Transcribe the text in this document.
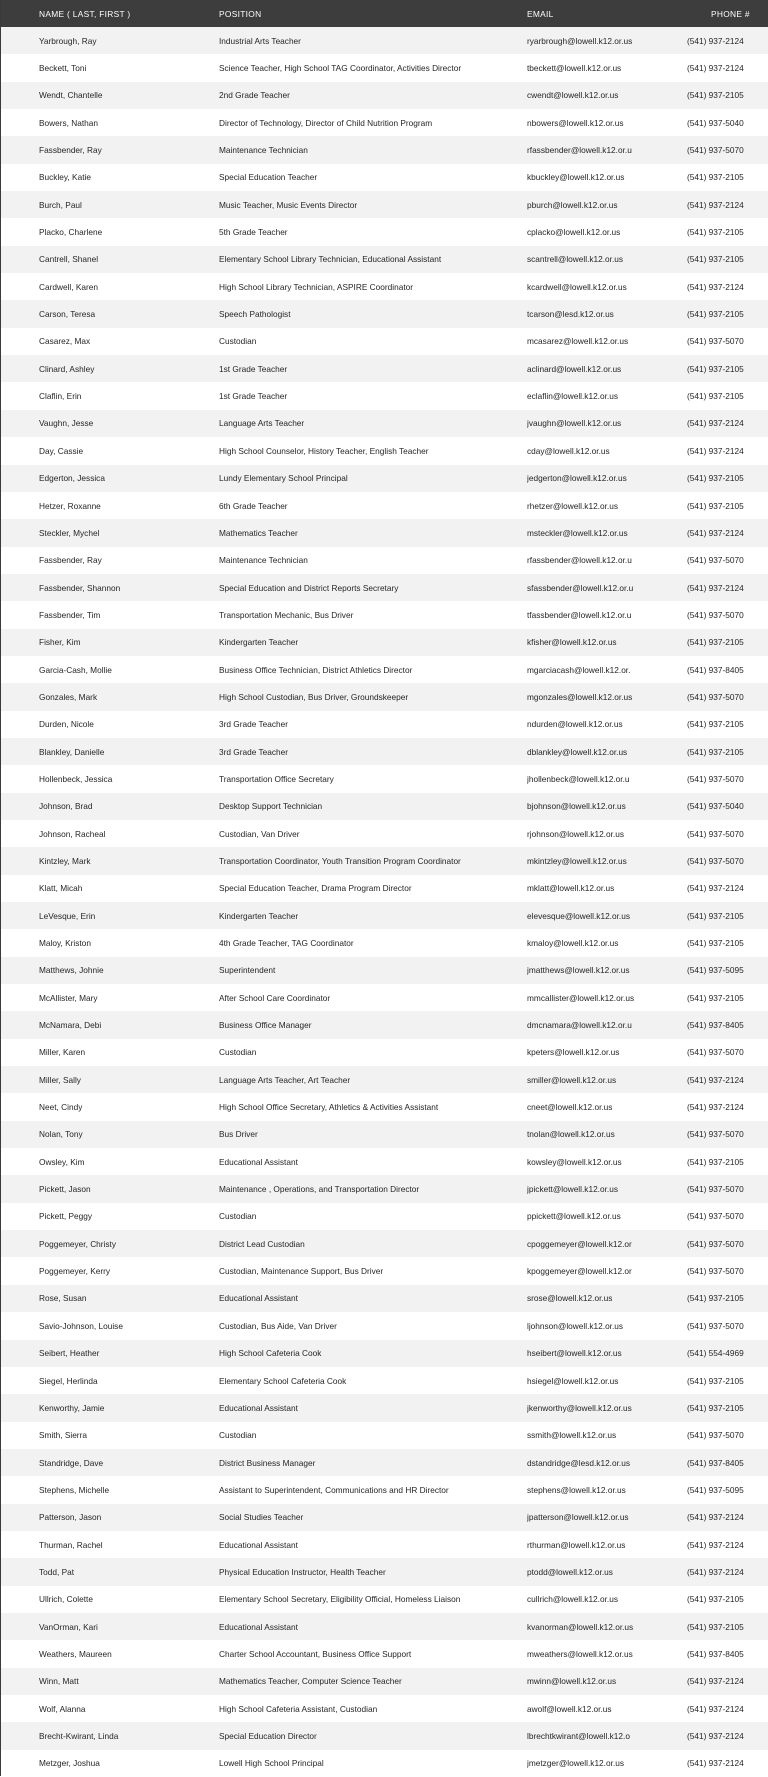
NAME ( LAST, FIRST )	POSITION	EMAIL	PHONE #
Yarbrough, Ray	Industrial Arts Teacher	ryarbrough@lowell.k12.or.us	(541) 937-2124
Beckett, Toni	Science Teacher, High School TAG Coordinator, Activities Director	tbeckett@lowell.k12.or.us	(541) 937-2124
Wendt, Chantelle	2nd Grade Teacher	cwendt@lowell.k12.or.us	(541) 937-2105
Bowers, Nathan	Director of Technology, Director of Child Nutrition Program	nbowers@lowell.k12.or.us	(541) 937-5040
Fassbender, Ray	Maintenance Technician	rfassbender@lowell.k12.or.u	(541) 937-5070
Buckley, Katie	Special Education Teacher	kbuckley@lowell.k12.or.us	(541) 937-2105
Burch, Paul	Music Teacher, Music Events Director	pburch@lowell.k12.or.us	(541) 937-2124
Placko, Charlene	5th Grade Teacher	cplacko@lowell.k12.or.us	(541) 937-2105
Cantrell, Shanel	Elementary School Library Technician, Educational Assistant	scantrell@lowell.k12.or.us	(541) 937-2105
Cardwell, Karen	High School Library Technician, ASPIRE Coordinator	kcardwell@lowell.k12.or.us	(541) 937-2124
Carson, Teresa	Speech Pathologist	tcarson@lesd.k12.or.us	(541) 937-2105
Casarez, Max	Custodian	mcasarez@lowell.k12.or.us	(541) 937-5070
Clinard, Ashley	1st Grade Teacher	aclinard@lowell.k12.or.us	(541) 937-2105
Claflin, Erin	1st Grade Teacher	eclaflin@lowell.k12.or.us	(541) 937-2105
Vaughn, Jesse	Language Arts Teacher	jvaughn@lowell.k12.or.us	(541) 937-2124
Day, Cassie	High School Counselor, History Teacher, English Teacher	cday@lowell.k12.or.us	(541) 937-2124
Edgerton, Jessica	Lundy Elementary School Principal	jedgerton@lowell.k12.or.us	(541) 937-2105
Hetzer, Roxanne	6th Grade Teacher	rhetzer@lowell.k12.or.us	(541) 937-2105
Steckler, Mychel	Mathematics Teacher	msteckler@lowell.k12.or.us	(541) 937-2124
Fassbender, Ray	Maintenance Technician	rfassbender@lowell.k12.or.u	(541) 937-5070
Fassbender, Shannon	Special Education and District Reports Secretary	sfassbender@lowell.k12.or.u	(541) 937-2124
Fassbender, Tim	Transportation Mechanic, Bus Driver	tfassbender@lowell.k12.or.u	(541) 937-5070
Fisher, Kim	Kindergarten Teacher	kfisher@lowell.k12.or.us	(541) 937-2105
Garcia-Cash, Mollie	Business Office Technician, District Athletics Director	mgarciacash@lowell.k12.or.	(541) 937-8405
Gonzales, Mark	High School Custodian, Bus Driver, Groundskeeper	mgonzales@lowell.k12.or.us	(541) 937-5070
Durden, Nicole	3rd Grade Teacher	ndurden@lowell.k12.or.us	(541) 937-2105
Blankley, Danielle	3rd Grade Teacher	dblankley@lowell.k12.or.us	(541) 937-2105
Hollenbeck, Jessica	Transportation Office Secretary	jhollenbeck@lowell.k12.or.u	(541) 937-5070
Johnson, Brad	Desktop Support Technician	bjohnson@lowell.k12.or.us	(541) 937-5040
Johnson, Racheal	Custodian, Van Driver	rjohnson@lowell.k12.or.us	(541) 937-5070
Kintzley, Mark	Transportation Coordinator, Youth Transition Program Coordinator	mkintzley@lowell.k12.or.us	(541) 937-5070
Klatt, Micah	Special Education Teacher, Drama Program Director	mklatt@lowell.k12.or.us	(541) 937-2124
LeVesque, Erin	Kindergarten Teacher	elevesque@lowell.k12.or.us	(541) 937-2105
Maloy, Kriston	4th Grade Teacher, TAG Coordinator	kmaloy@lowell.k12.or.us	(541) 937-2105
Matthews, Johnie	Superintendent	jmatthews@lowell.k12.or.us	(541) 937-5095
McAllister, Mary	After School Care Coordinator	mmcallister@lowell.k12.or.us	(541) 937-2105
McNamara, Debi	Business Office Manager	dmcnamara@lowell.k12.or.u	(541) 937-8405
Miller, Karen	Custodian	kpeters@lowell.k12.or.us	(541) 937-5070
Miller, Sally	Language Arts Teacher, Art Teacher	smiller@lowell.k12.or.us	(541) 937-2124
Neet, Cindy	High School Office Secretary, Athletics & Activities Assistant	cneet@lowell.k12.or.us	(541) 937-2124
Nolan, Tony	Bus Driver	tnolan@lowell.k12.or.us	(541) 937-5070
Owsley, Kim	Educational Assistant	kowsley@lowell.k12.or.us	(541) 937-2105
Pickett, Jason	Maintenance , Operations, and Transportation Director	jpickett@lowell.k12.or.us	(541) 937-5070
Pickett, Peggy	Custodian	ppickett@lowell.k12.or.us	(541) 937-5070
Poggemeyer, Christy	District Lead Custodian	cpoggemeyer@lowell.k12.or	(541) 937-5070
Poggemeyer, Kerry	Custodian, Maintenance Support, Bus Driver	kpoggemeyer@lowell.k12.or	(541) 937-5070
Rose, Susan	Educational Assistant	srose@lowell.k12.or.us	(541) 937-2105
Savio-Johnson, Louise	Custodian, Bus Aide, Van Driver	ljohnson@lowell.k12.or.us	(541) 937-5070
Seibert, Heather	High School Cafeteria Cook	hseibert@lowell.k12.or.us	(541) 554-4969
Siegel, Herlinda	Elementary School Cafeteria Cook	hsiegel@lowell.k12.or.us	(541) 937-2105
Kenworthy, Jamie	Educational Assistant	jkenworthy@lowell.k12.or.us	(541) 937-2105
Smith, Sierra	Custodian	ssmith@lowell.k12.or.us	(541) 937-5070
Standridge, Dave	District Business Manager	dstandridge@lesd.k12.or.us	(541) 937-8405
Stephens, Michelle	Assistant to Superintendent, Communications and HR Director	stephens@lowell.k12.or.us	(541) 937-5095
Patterson, Jason	Social Studies Teacher	jpatterson@lowell.k12.or.us	(541) 937-2124
Thurman, Rachel	Educational Assistant	rthurman@lowell.k12.or.us	(541) 937-2124
Todd, Pat	Physical Education Instructor, Health Teacher	ptodd@lowell.k12.or.us	(541) 937-2124
Ullrich, Colette	Elementary School Secretary, Eligibility Official, Homeless Liaison	cullrich@lowell.k12.or.us	(541) 937-2105
VanOrman, Kari	Educational Assistant	kvanorman@lowell.k12.or.us	(541) 937-2105
Weathers, Maureen	Charter School Accountant, Business Office Support	mweathers@lowell.k12.or.us	(541) 937-8405
Winn, Matt	Mathematics Teacher, Computer Science Teacher	mwinn@lowell.k12.or.us	(541) 937-2124
Wolf, Alanna	High School Cafeteria Assistant, Custodian	awolf@lowell.k12.or.us	(541) 937-2124
Brecht-Kwirant, Linda	Special Education Director	lbrechtkwirant@lowell.k12.o	(541) 937-2124
Metzger, Joshua	Lowell High School Principal	jmetzger@lowell.k12.or.us	(541) 937-2124
